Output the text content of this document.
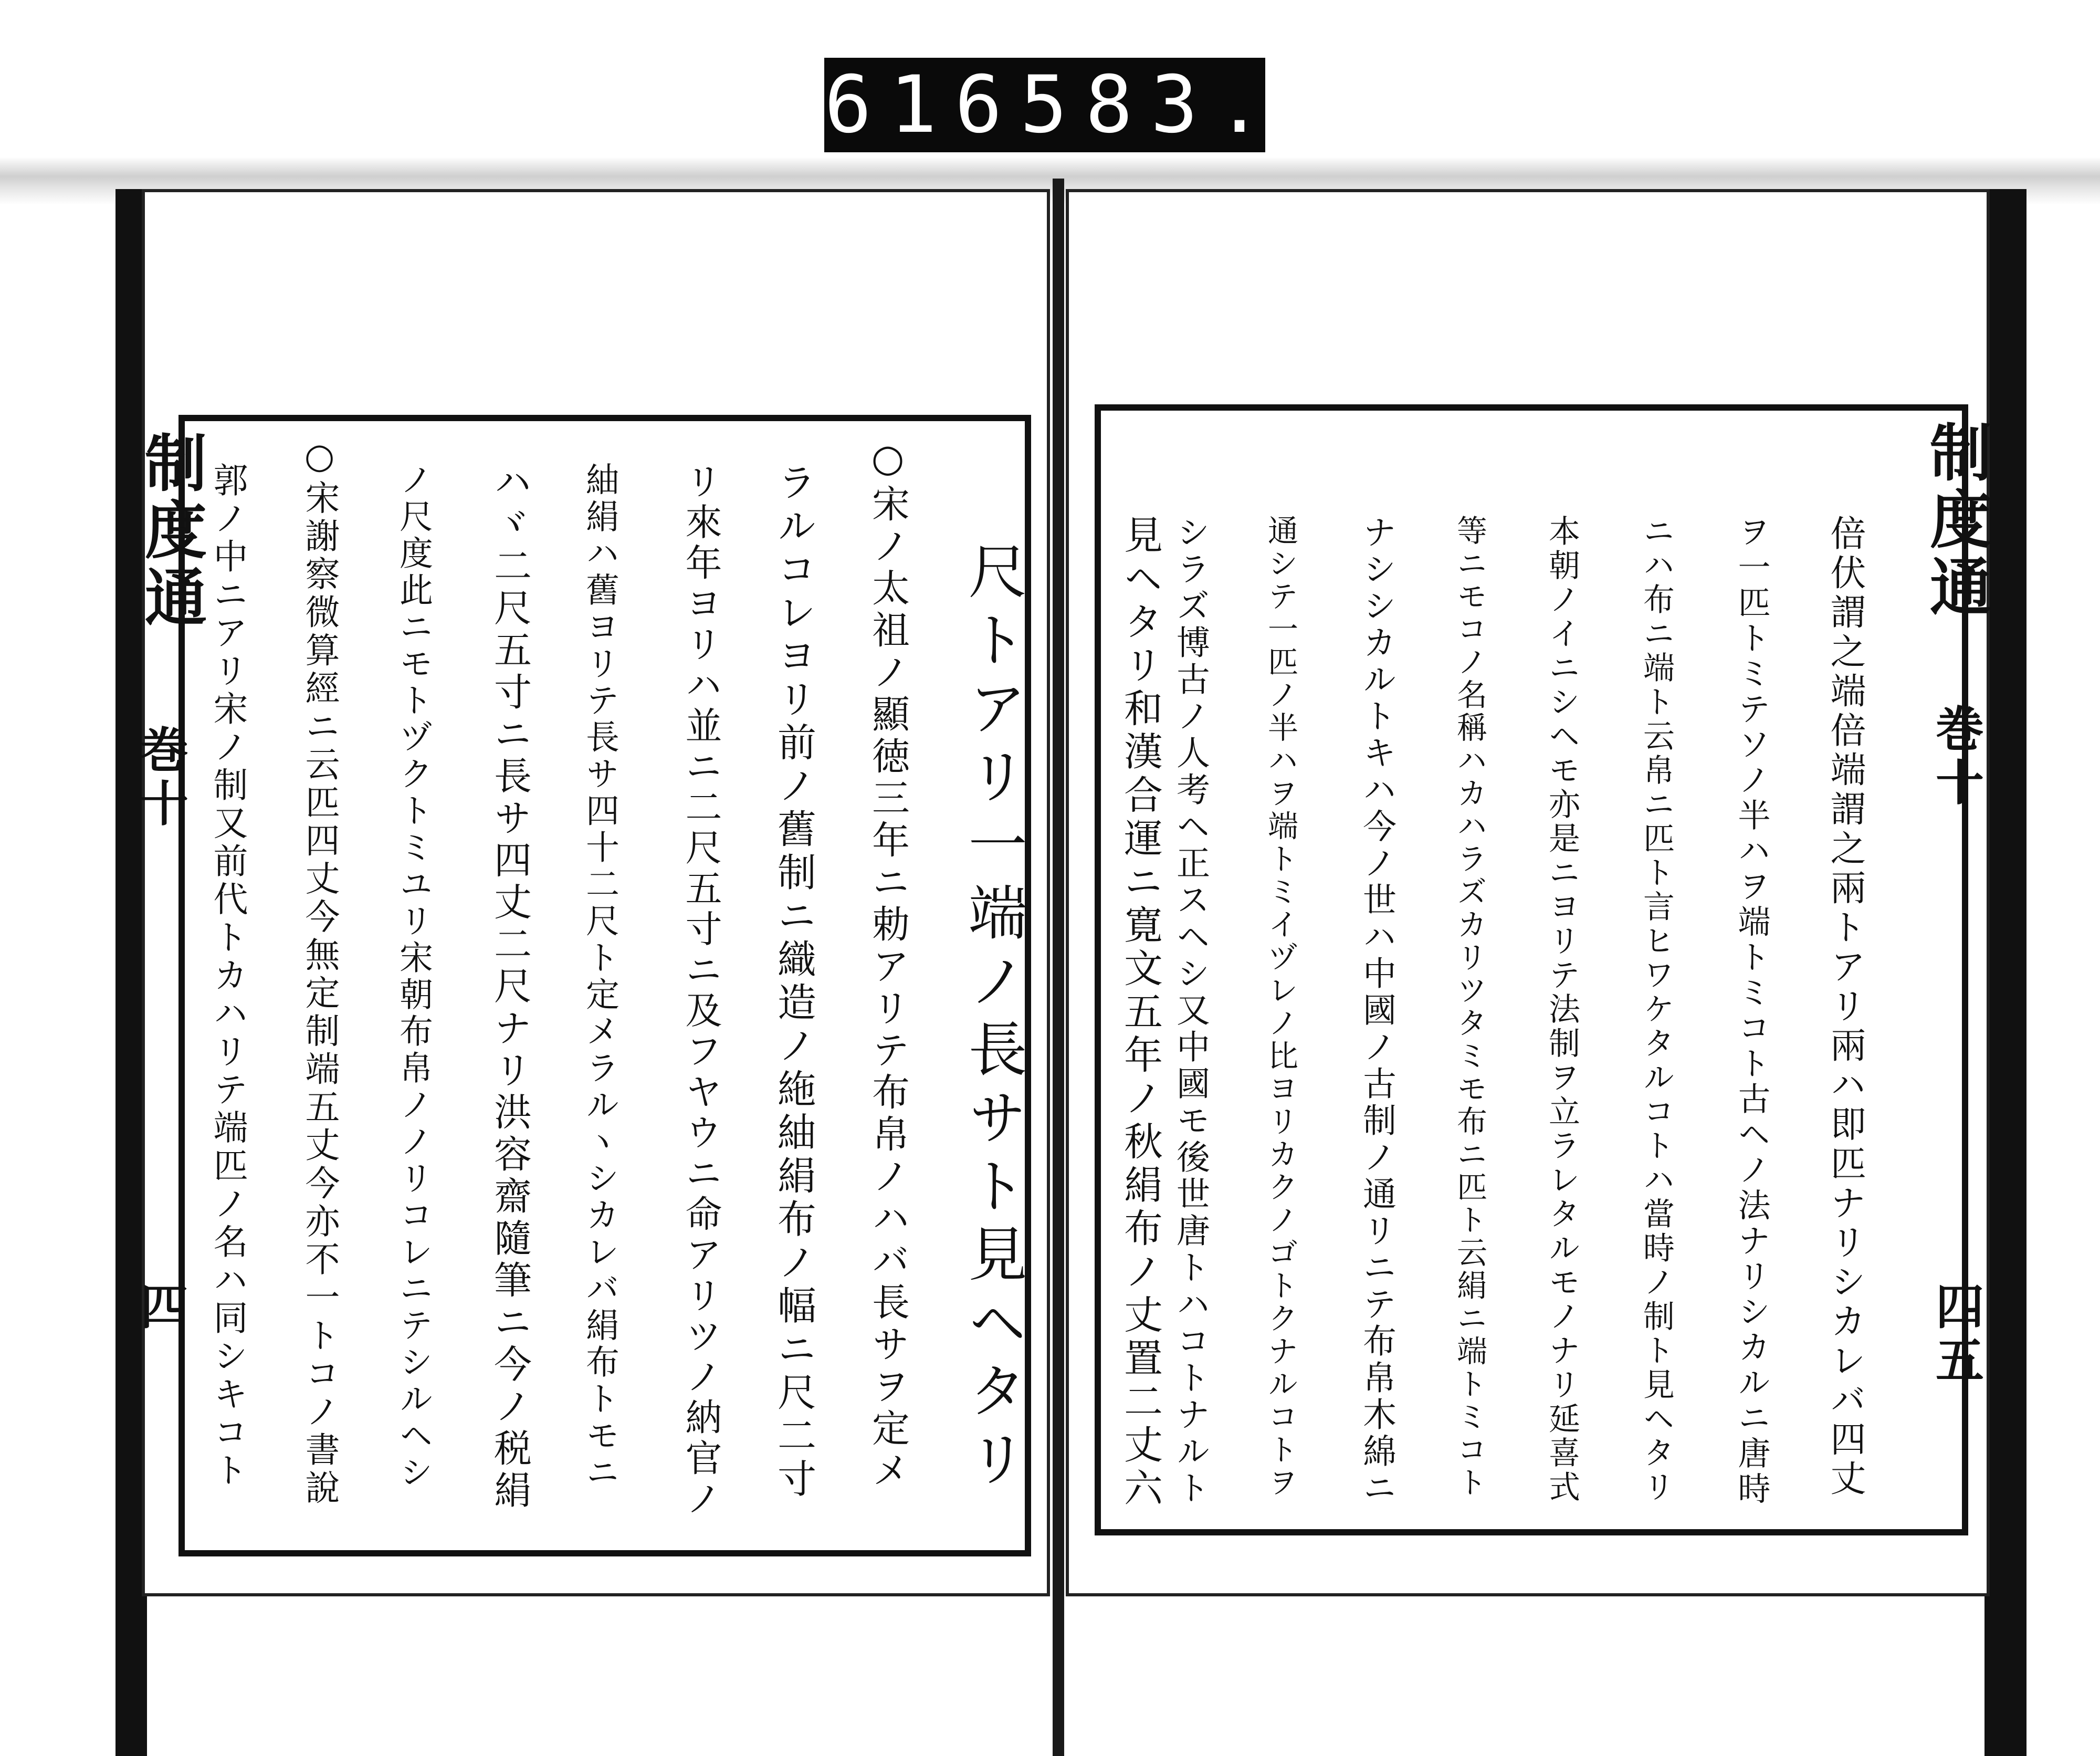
616 583.
制度通
巻十
四	尺トアリ一端ノ長サト見ヘタリ
○宋ノ太祖ノ顯徳三年ニ勅アリテ布帛ノハバ長サヲ定メ
ラルコレヨリ前ノ舊制ニ織造ノ絁紬絹布ノ幅ニ尺二寸
リ來年ヨリハ並ニ二尺五寸ニ及フヤウニ命アリツノ納官ノ
紬絹ハ舊ヨリテ長サ四十二尺ト定メラルヽシカレバ絹布トモニ
ハヾ二尺五寸ニ長サ四丈二尺ナリ洪容齋隨筆ニ今ノ税絹
ノ尺度此ニモトヅクトミユリ宋朝布帛ノノリコレニテシルヘシ
○宋謝察微算經ニ云匹四丈今無定制端五丈今亦不一トコノ書說
郭ノ中ニアリ宋ノ制又前代トカハリテ端匹ノ名ハ同シキコト	制度通
巻十
四五
倍伏謂之端倍端謂之兩トアリ兩ハ即匹ナリシカレバ四丈
ヲ一匹トミテソノ半ハヲ端トミコト古ヘノ法ナリシカルニ唐時
ニハ布ニ端ト云帛ニ匹ト言ヒワケタルコトハ當時ノ制ト見ヘタリ
本朝ノイニシヘモ亦是ニヨリテ法制ヲ立ラレタルモノナリ延喜式
等ニモコノ名稱ハカハラズカリツタミモ布ニ匹ト云絹ニ端トミコト
ナシシカルトキハ今ノ世ハ中國ノ古制ノ通リニテ布帛木綿ニ
通シテ一匹ノ半ハヲ端トミイヅレノ比ヨリカクノゴトクナルコトヲ
シラズ博古ノ人考ヘ正スヘシ又中國モ後世唐トハコトナルト
見ヘタリ和漢合運ニ寛文五年ノ秋絹布ノ丈置二丈六
